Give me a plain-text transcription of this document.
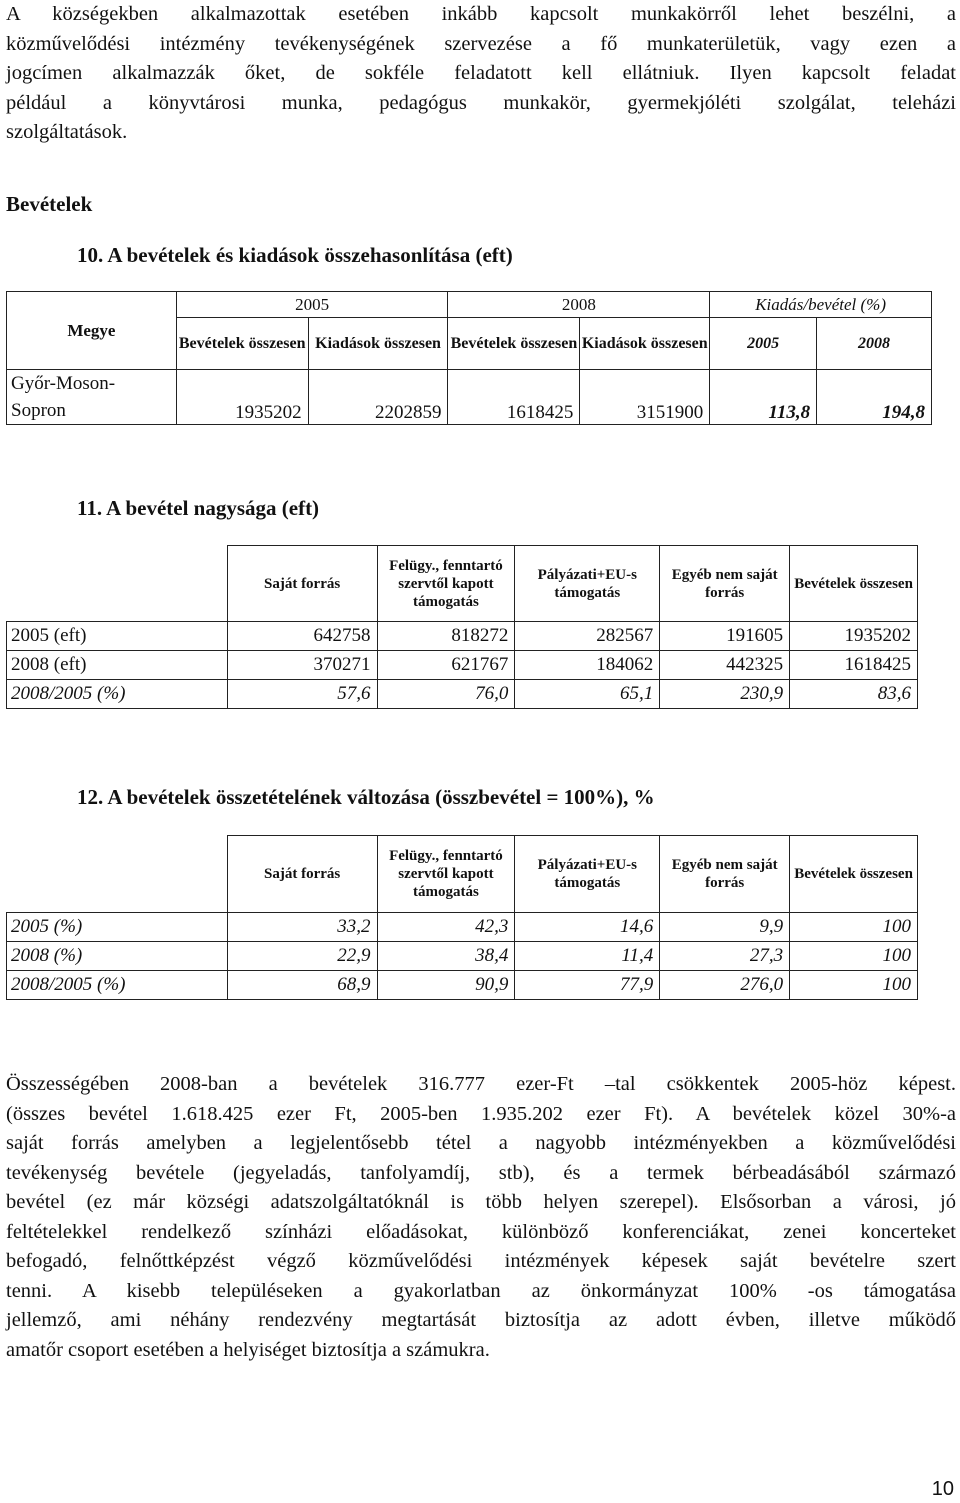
A községekben alkalmazottak esetében inkább kapcsolt munkakörről lehet beszélni, a
közművelődési intézmény tevékenységének szervezése a fő munkaterületük, vagy ezen a
jogcímen alkalmazzák őket, de sokféle feladatott kell ellátniuk. Ilyen kapcsolt feladat
például a könyvtárosi munka, pedagógus munkakör, gyermekjóléti szolgálat, teleházi
szolgáltatások.

Bevételek

10. A bevételek és kiadások összehasonlítása (eft)

Megye	2005		2008		Kiadás/bevétel (%)	
	Bevételek összesen	Kiadások összesen	Bevételek összesen	Kiadások összesen	2005	2008

Győr-Moson-
Sopron	1935202	2202859	1618425	3151900	113,8	194,8

11. A bevétel nagysága (eft)

	Saját forrás	Felügy., fenntartó szervtől kapott támogatás	Pályázati+EU-s támogatás	Egyéb nem saját forrás	Bevételek összesen
2005 (eft)	642758	818272	282567	191605	1935202
2008 (eft)	370271	621767	184062	442325	1618425
2008/2005 (%)	57,6	76,0	65,1	230,9	83,6

12. A bevételek összetételének változása (összbevétel = 100%), %

	Saját forrás	Felügy., fenntartó szervtől kapott támogatás	Pályázati+EU-s támogatás	Egyéb nem saját forrás	Bevételek összesen
2005 (%)	33,2	42,3	14,6	9,9	100
2008 (%)	22,9	38,4	11,4	27,3	100
2008/2005 (%)	68,9	90,9	77,9	276,0	100
Összességében 2008-ban a bevételek 316.777 ezer-Ft –tal csökkentek 2005-höz képest.
(összes bevétel 1.618.425 ezer Ft, 2005-ben 1.935.202 ezer Ft). A bevételek közel 30%-a
saját forrás amelyben a legjelentősebb tétel a nagyobb intézményekben a közművelődési
tevékenység bevétele (jegyeladás, tanfolyamdíj, stb), és a termek bérbeadásából származó
bevétel (ez már községi adatszolgáltatóknál is több helyen szerepel). Elsősorban a városi, jó
feltételekkel rendelkező színházi előadásokat, különböző konferenciákat, zenei koncerteket
befogadó, felnőttképzést végző közművelődési intézmények képesek saját bevételre szert
tenni. A kisebb településeken a gyakorlatban az önkormányzat 100% -os támogatása
jellemző, ami néhány rendezvény megtartását biztosítja az adott évben, illetve működő
amatőr csoport esetében a helyiséget biztosítja a számukra.

10
